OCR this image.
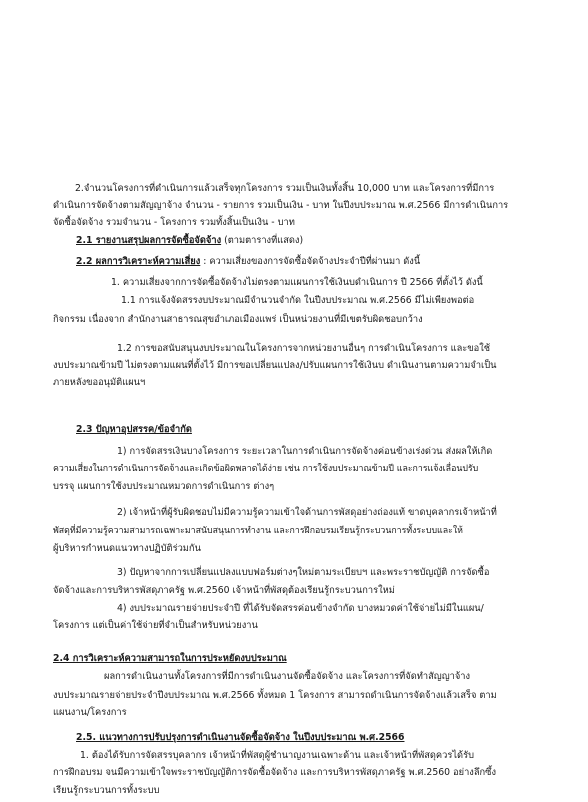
2.จำนวนโครงการที่ดำเนินการแล้วเสร็จทุกโครงการ รวมเป็นเงินทั้งสิ้น 10,000 บาท และโครงการที่มีการ
ดำเนินการจัดจ้างตามสัญญาจ้าง จำนวน - รายการ รวมเป็นเงิน - บาท ในปีงบประมาณ พ.ศ.2566 มีการดำเนินการ
จัดซื้อจัดจ้าง รวมจำนวน - โครงการ รวมทั้งสิ้นเป็นเงิน - บาท
2.1 รายงานสรุปผลการจัดซื้อจัดจ้าง (ตามตารางที่แสดง)
2.2 ผลการวิเคราะห์ความเสี่ยง : ความเสี่ยงของการจัดซื้อจัดจ้างประจำปีที่ผ่านมา ดังนี้
1. ความเสี่ยงจากการจัดซื้อจัดจ้างไม่ตรงตามแผนการใช้เงินบดำเนินการ ปี 2566 ที่ตั้งไว้ ดังนี้
1.1 การแจ้งจัดสรรงบประมาณมีจำนวนจำกัด ในปีงบประมาณ พ.ศ.2566 มีไม่เพียงพอต่อ
กิจกรรม เนื่องจาก สำนักงานสาธารณสุขอำเภอเมืองแพร่ เป็นหน่วยงานที่มีเขตรับผิดชอบกว้าง
1.2 การขอสนับสนุนงบประมาณในโครงการจากหน่วยงานอื่นๆ การดำเนินโครงการ และขอใช้
งบประมาณข้ามปี ไม่ตรงตามแผนที่ตั้งไว้ มีการขอเปลี่ยนแปลง/ปรับแผนการใช้เงินบ ดำเนินงานตามความจำเป็น
ภายหลังขออนุมัติแผนฯ
2.3 ปัญหาอุปสรรค/ข้อจำกัด
1) การจัดสรรเงินบางโครงการ ระยะเวลาในการดำเนินการจัดจ้างค่อนข้างเร่งด่วน ส่งผลให้เกิด
ความเสี่ยงในการดำเนินการจัดจ้างและเกิดข้อผิดพลาดได้ง่าย เช่น การใช้งบประมาณข้ามปี และการแจ้งเลื่อนปรับ
บรรจุ แผนการใช้งบประมาณหมวดการดำเนินการ ต่างๆ
2) เจ้าหน้าที่ผู้รับผิดชอบไม่มีความรู้ความเข้าใจด้านการพัสดุอย่างถ่องแท้ ขาดบุคลากรเจ้าหน้าที่
พัสดุที่มีความรู้ความสามารถเฉพาะมาสนับสนุนการทำงาน และการฝึกอบรมเรียนรู้กระบวนการทั้งระบบและให้
ผู้บริหารกำหนดแนวทางปฏิบัติร่วมกัน
3) ปัญหาจากการเปลี่ยนแปลงแบบฟอร์มต่างๆใหม่ตามระเบียบฯ และพระราชบัญญัติ การจัดซื้อ
จัดจ้างและการบริหารพัสดุภาครัฐ พ.ศ.2560 เจ้าหน้าที่พัสดุต้องเรียนรู้กระบวนการใหม่
4) งบประมาณรายจ่ายประจำปี ที่ได้รับจัดสรรค่อนข้างจำกัด บางหมวดค่าใช้จ่ายไม่มีในแผน/
โครงการ แต่เป็นค่าใช้จ่ายที่จำเป็นสำหรับหน่วยงาน
2.4 การวิเคราะห์ความสามารถในการประหยัดงบประมาณ
ผลการดำเนินงานทั้งโครงการที่มีการดำเนินงานจัดซื้อจัดจ้าง และโครงการที่จัดทำสัญญาจ้าง
งบประมาณรายจ่ายประจำปีงบประมาณ พ.ศ.2566 ทั้งหมด 1 โครงการ สามารถดำเนินการจัดจ้างแล้วเสร็จ ตาม
แผนงาน/โครงการ
2.5. แนวทางการปรับปรุงการดำเนินงานจัดซื้อจัดจ้าง ในปีงบประมาณ พ.ศ.2566
1. ต้องได้รับการจัดสรรบุคลากร เจ้าหน้าที่พัสดุผู้ชำนาญงานเฉพาะด้าน และเจ้าหน้าที่พัสดุควรได้รับ
การฝึกอบรม จนมีความเข้าใจพระราชบัญญัติการจัดซื้อจัดจ้าง และการบริหารพัสดุภาครัฐ พ.ศ.2560 อย่างลึกซึ้ง
เรียนรู้กระบวนการทั้งระบบ
